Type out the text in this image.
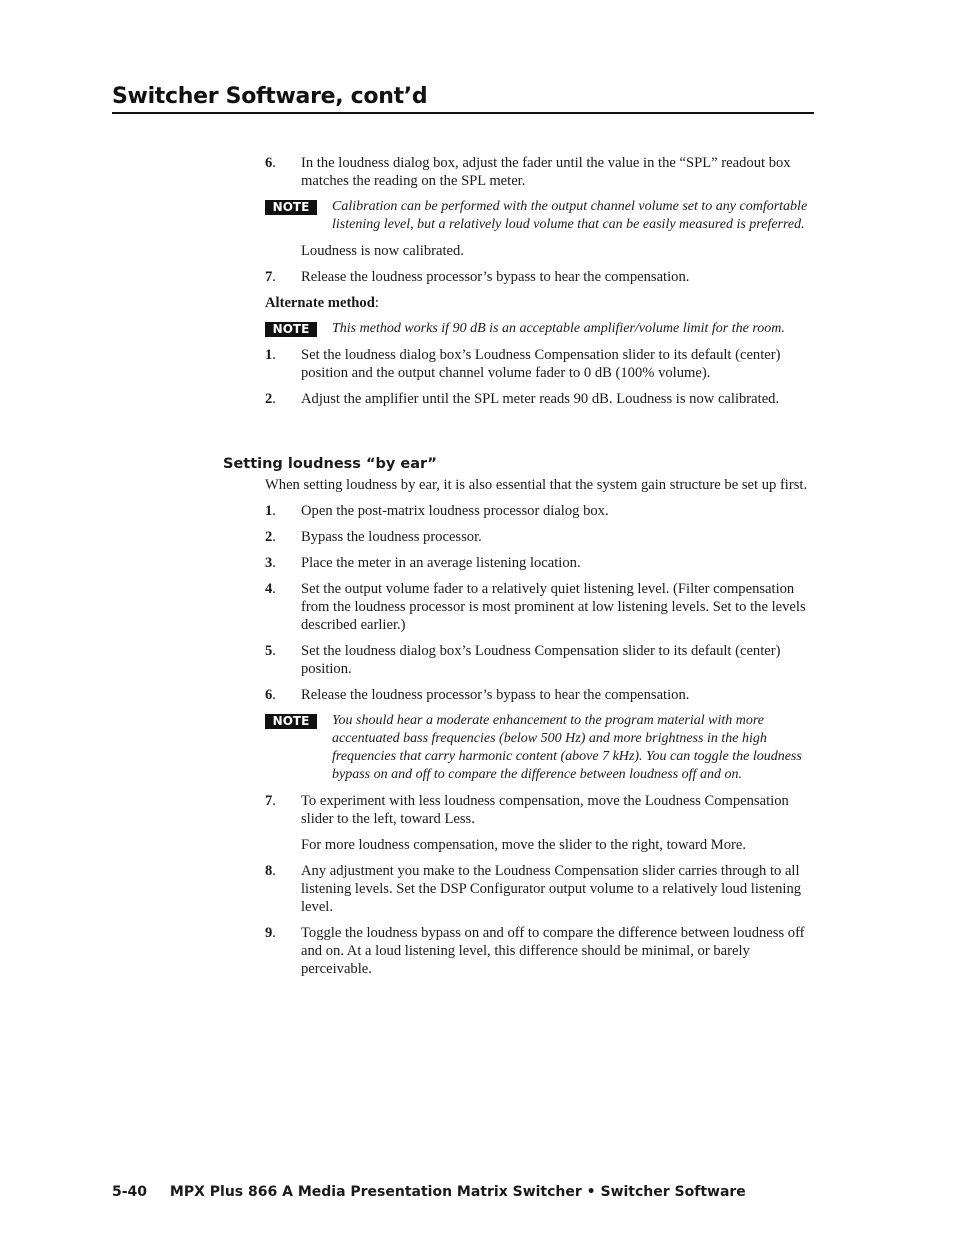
Switcher Software, cont’d
6.	In the loudness dialog box, adjust the fader until the value in the “SPL” readout box matches the reading on the SPL meter.
NOTE	Calibration can be performed with the output channel volume set to any comfortable listening level, but a relatively loud volume that can be easily measured is preferred.
Loudness is now calibrated.
7.	Release the loudness processor’s bypass to hear the compensation.
Alternate method:
NOTE	This method works if 90 dB is an acceptable amplifier/volume limit for the room.
1.	Set the loudness dialog box’s Loudness Compensation slider to its default (center) position and the output channel volume fader to 0 dB (100% volume).
2.	Adjust the amplifier until the SPL meter reads 90 dB. Loudness is now calibrated.
Setting loudness “by ear”
When setting loudness by ear, it is also essential that the system gain structure be set up first.
1.	Open the post-matrix loudness processor dialog box.
2.	Bypass the loudness processor.
3.	Place the meter in an average listening location.
4.	Set the output volume fader to a relatively quiet listening level. (Filter compensation from the loudness processor is most prominent at low listening levels. Set to the levels described earlier.)
5.	Set the loudness dialog box’s Loudness Compensation slider to its default (center) position.
6.	Release the loudness processor’s bypass to hear the compensation.
NOTE	You should hear a moderate enhancement to the program material with more accentuated bass frequencies (below 500 Hz) and more brightness in the high frequencies that carry harmonic content (above 7 kHz). You can toggle the loudness bypass on and off to compare the difference between loudness off and on.
7.	To experiment with less loudness compensation, move the Loudness Compensation slider to the left, toward Less.
For more loudness compensation, move the slider to the right, toward More.
8.	Any adjustment you make to the Loudness Compensation slider carries through to all listening levels. Set the DSP Configurator output volume to a relatively loud listening level.
9.	Toggle the loudness bypass on and off to compare the difference between loudness off and on. At a loud listening level, this difference should be minimal, or barely perceivable.
5-40 MPX Plus 866 A Media Presentation Matrix Switcher • Switcher Software
